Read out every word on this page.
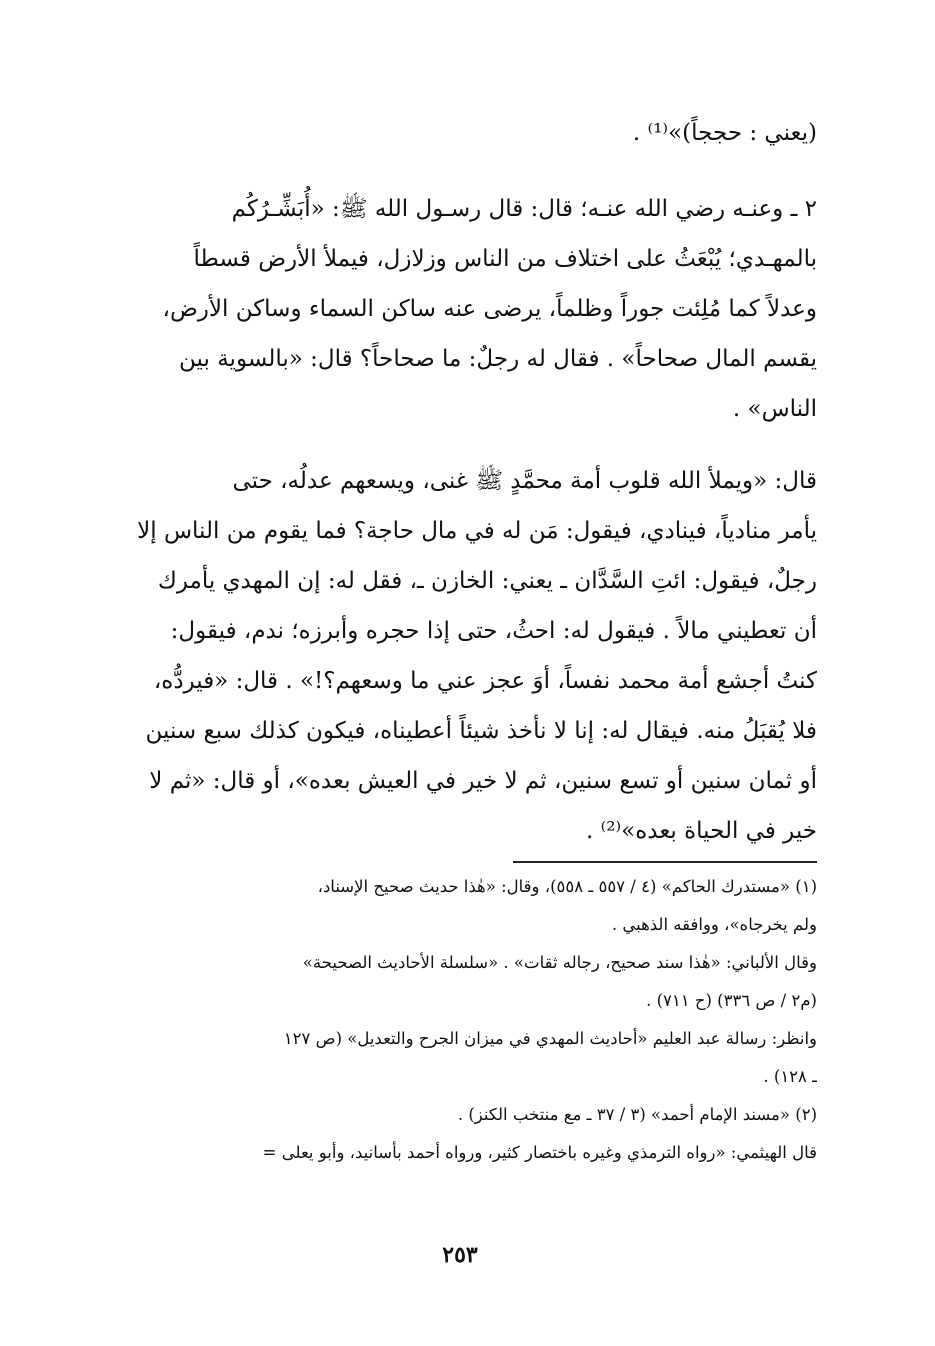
(يعني : حججاً)»⁽¹⁾ .

٢ ـ وعنـه رضي الله عنـه؛ قال: قال رسـول الله ﷺ: «أُبَشِّـرُكُم
بالمهـدي؛ يُبْعَثُ على اختلاف من الناس وزلازل، فيملأ الأرض قسطاً
وعدلاً كما مُلِئت جوراً وظلماً، يرضى عنه ساكن السماء وساكن الأرض،
يقسم المال صحاحاً» . فقال له رجلٌ: ما صحاحاً؟ قال: «بالسوية بين
الناس» .

قال: «ويملأ الله قلوب أمة محمَّدٍ ﷺ غنى، ويسعهم عدلُه، حتى
يأمر منادياً، فينادي، فيقول: مَن له في مال حاجة؟ فما يقوم من الناس إلا
رجلٌ، فيقول: ائتِ السَّدَّان ـ يعني: الخازن ـ، فقل له: إن المهدي يأمرك
أن تعطيني مالاً . فيقول له: احثُ، حتى إذا حجره وأبرزه؛ ندم، فيقول:
كنتُ أجشع أمة محمد نفساً، أوَ عجز عني ما وسعهم؟!» . قال: «فيردُّه،
فلا يُقبَلُ منه. فيقال له: إنا لا نأخذ شيئاً أعطيناه، فيكون كذلك سبع سنين
أو ثمان سنين أو تسع سنين، ثم لا خير في العيش بعده»، أو قال: «ثم لا
خير في الحياة بعده»⁽²⁾ .

(١) «مستدرك الحاكم» (٤ / ٥٥٧ ـ ٥٥٨)، وقال: «هٰذا حديث صحيح الإسناد،

ولم يخرجاه»، ووافقه الذهبي .

وقال الألباني: «هٰذا سند صحيح، رجاله ثقات» . «سلسلة الأحاديث الصحيحة»

(م٢ / ص ٣٣٦) (ح ٧١١) .

وانظر: رسالة عبد العليم «أحاديث المهدي في ميزان الجرح والتعديل» (ص ١٢٧

ـ ١٢٨) .

(٢) «مسند الإمام أحمد» (٣ / ٣٧ ـ مع منتخب الكنز) .

قال الهيثمي: «رواه الترمذي وغيره باختصار كثير، ورواه أحمد بأسانيد، وأبو يعلى =

٢٥٣
